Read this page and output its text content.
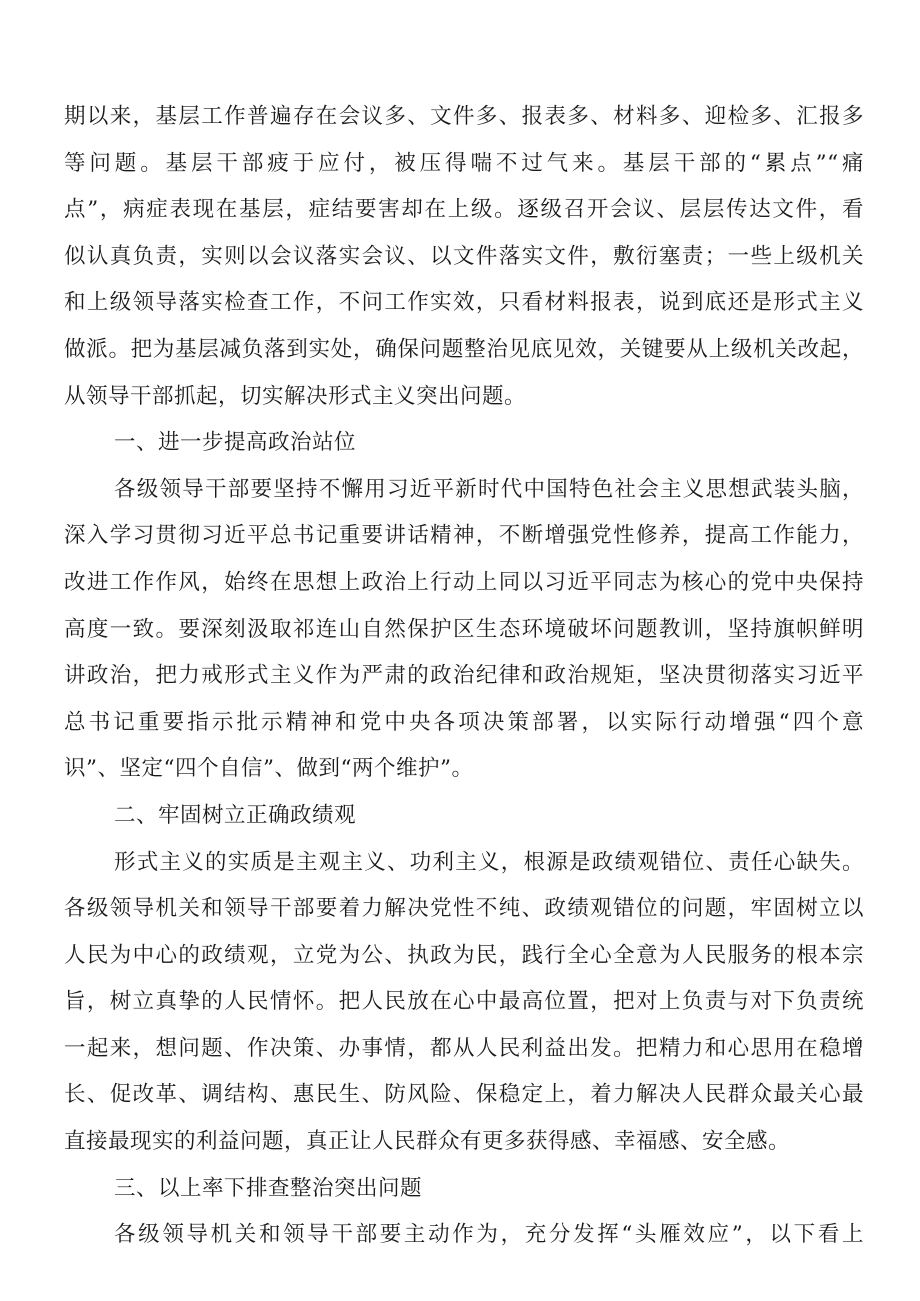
期以来，基层工作普遍存在会议多、文件多、报表多、材料多、迎检多、汇报多
等问题。基层干部疲于应付，被压得喘不过气来。基层干部的“累点”“痛
点”，病症表现在基层，症结要害却在上级。逐级召开会议、层层传达文件，看
似认真负责，实则以会议落实会议、以文件落实文件，敷衍塞责；一些上级机关
和上级领导落实检查工作，不问工作实效，只看材料报表，说到底还是形式主义
做派。把为基层减负落到实处，确保问题整治见底见效，关键要从上级机关改起，
从领导干部抓起，切实解决形式主义突出问题。
一、进一步提高政治站位
各级领导干部要坚持不懈用习近平新时代中国特色社会主义思想武装头脑，
深入学习贯彻习近平总书记重要讲话精神，不断增强党性修养，提高工作能力，
改进工作作风，始终在思想上政治上行动上同以习近平同志为核心的党中央保持
高度一致。要深刻汲取祁连山自然保护区生态环境破坏问题教训，坚持旗帜鲜明
讲政治，把力戒形式主义作为严肃的政治纪律和政治规矩，坚决贯彻落实习近平
总书记重要指示批示精神和党中央各项决策部署，以实际行动增强“四个意
识”、坚定“四个自信”、做到“两个维护”。
二、牢固树立正确政绩观
形式主义的实质是主观主义、功利主义，根源是政绩观错位、责任心缺失。
各级领导机关和领导干部要着力解决党性不纯、政绩观错位的问题，牢固树立以
人民为中心的政绩观，立党为公、执政为民，践行全心全意为人民服务的根本宗
旨，树立真挚的人民情怀。把人民放在心中最高位置，把对上负责与对下负责统
一起来，想问题、作决策、办事情，都从人民利益出发。把精力和心思用在稳增
长、促改革、调结构、惠民生、防风险、保稳定上，着力解决人民群众最关心最
直接最现实的利益问题，真正让人民群众有更多获得感、幸福感、安全感。
三、以上率下排查整治突出问题
各级领导机关和领导干部要主动作为，充分发挥“头雁效应”，以下看上
